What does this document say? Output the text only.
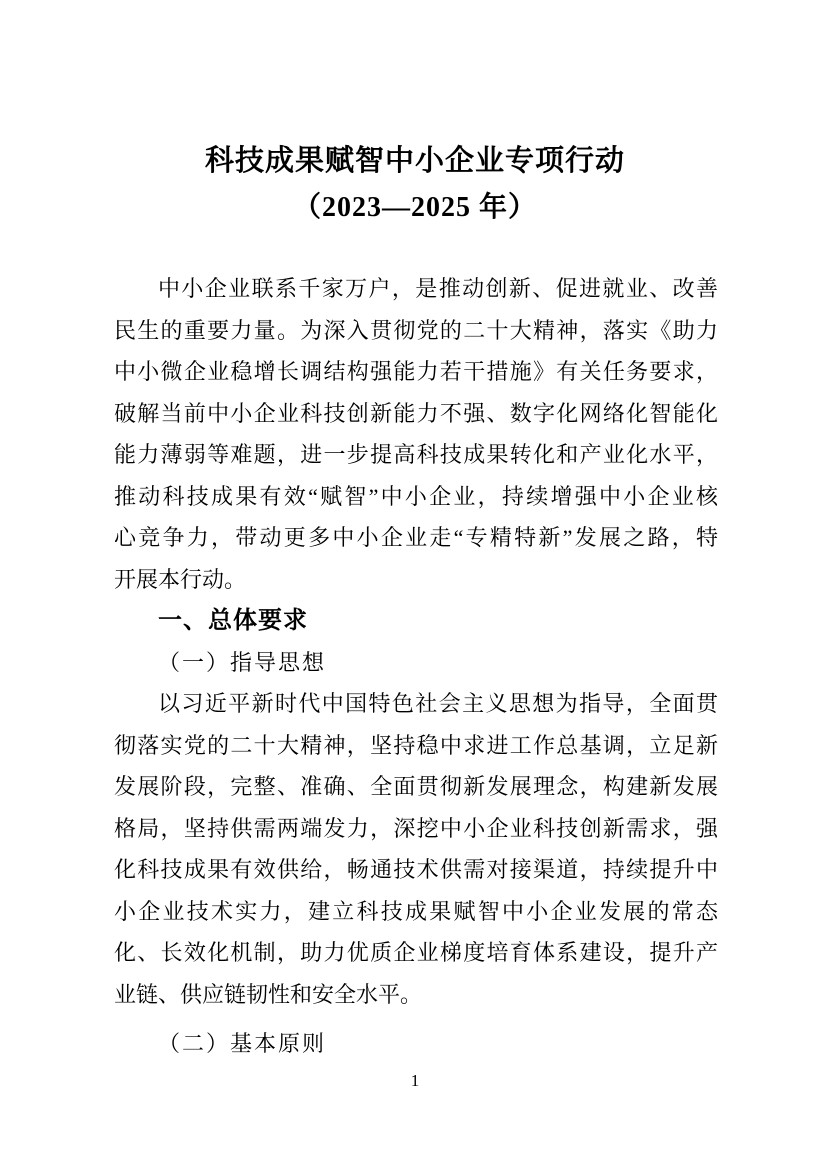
科技成果赋智中小企业专项行动
（2023—2025 年）
中小企业联系千家万户，是推动创新、促进就业、改善
民生的重要力量。为深入贯彻党的二十大精神，落实《助力
中小微企业稳增长调结构强能力若干措施》有关任务要求，
破解当前中小企业科技创新能力不强、数字化网络化智能化
能力薄弱等难题，进一步提高科技成果转化和产业化水平，
推动科技成果有效“赋智”中小企业，持续增强中小企业核
心竞争力，带动更多中小企业走“专精特新”发展之路，特
开展本行动。
一、总体要求
（一）指导思想
以习近平新时代中国特色社会主义思想为指导，全面贯
彻落实党的二十大精神，坚持稳中求进工作总基调，立足新
发展阶段，完整、准确、全面贯彻新发展理念，构建新发展
格局，坚持供需两端发力，深挖中小企业科技创新需求，强
化科技成果有效供给，畅通技术供需对接渠道，持续提升中
小企业技术实力，建立科技成果赋智中小企业发展的常态
化、长效化机制，助力优质企业梯度培育体系建设，提升产
业链、供应链韧性和安全水平。
（二）基本原则
1
